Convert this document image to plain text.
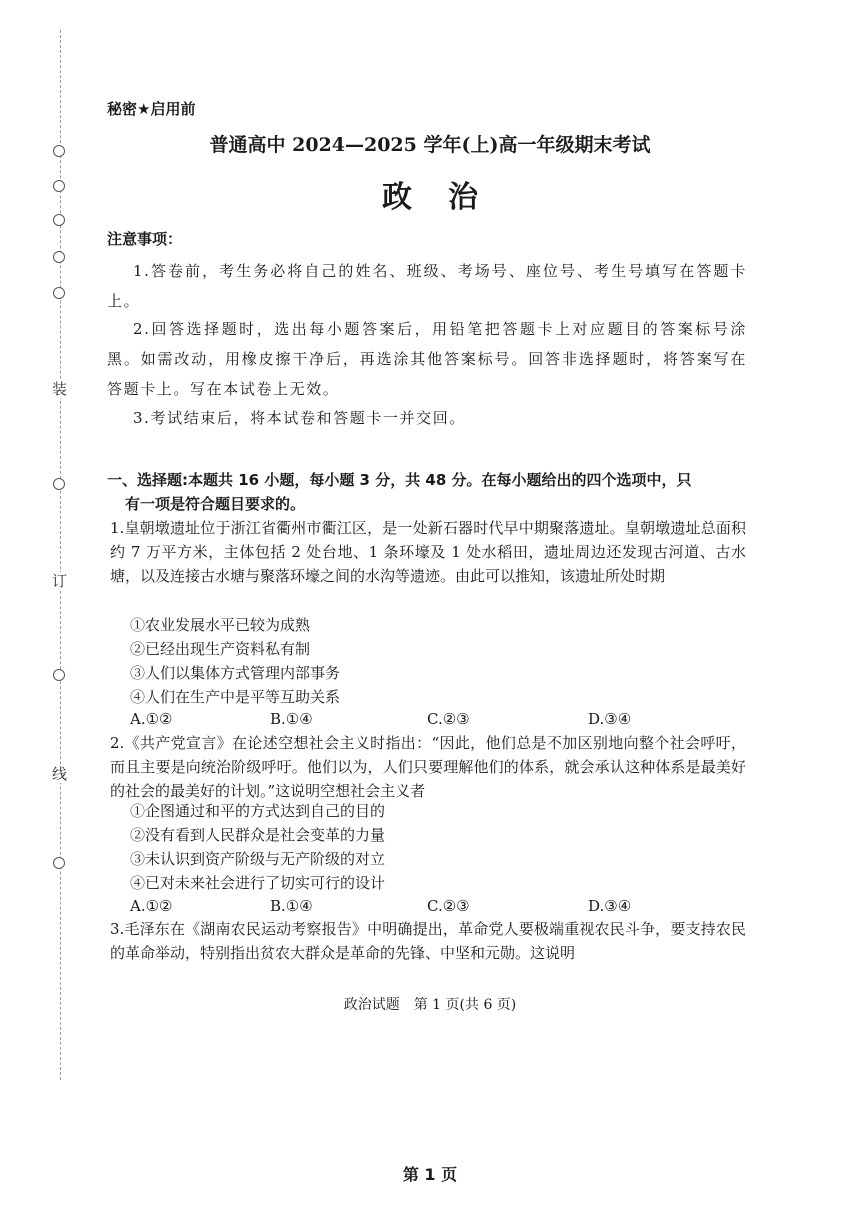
装
订
线

秘密★启用前

普通高中 2024—2025 学年(上)高一年级期末考试

政治

注意事项：

1.答卷前，考生务必将自己的姓名、班级、考场号、座位号、考生号填写在答题卡上。

2.回答选择题时，选出每小题答案后，用铅笔把答题卡上对应题目的答案标号涂黑。如需改动，用橡皮擦干净后，再选涂其他答案标号。回答非选择题时，将答案写在答题卡上。写在本试卷上无效。

3.考试结束后，将本试卷和答题卡一并交回。

一、选择题:本题共 16 小题，每小题 3 分，共 48 分。在每小题给出的四个选项中，只

有一项是符合题目要求的。

1.皇朝墩遗址位于浙江省衢州市衢江区，是一处新石器时代早中期聚落遗址。皇朝墩遗址总面积约 7 万平方米，主体包括 2 处台地、1 条环壕及 1 处水稻田，遗址周边还发现古河道、古水塘，以及连接古水塘与聚落环壕之间的水沟等遗迹。由此可以推知，该遗址所处时期

①农业发展水平已较为成熟

②已经出现生产资料私有制

③人们以集体方式管理内部事务

④人们在生产中是平等互助关系

A.①②	B.①④	C.②③	D.③④

2.《共产党宣言》在论述空想社会主义时指出：“因此，他们总是不加区别地向整个社会呼吁，而且主要是向统治阶级呼吁。他们以为，人们只要理解他们的体系，就会承认这种体系是最美好的社会的最美好的计划。”这说明空想社会主义者

①企图通过和平的方式达到自己的目的

②没有看到人民群众是社会变革的力量

③未认识到资产阶级与无产阶级的对立

④已对未来社会进行了切实可行的设计

A.①②	B.①④	C.②③	D.③④

3.毛泽东在《湖南农民运动考察报告》中明确提出，革命党人要极端重视农民斗争，要支持农民的革命举动，特别指出贫农大群众是革命的先锋、中坚和元勋。这说明

政治试题　第 1 页(共 6 页)

第 1 页
